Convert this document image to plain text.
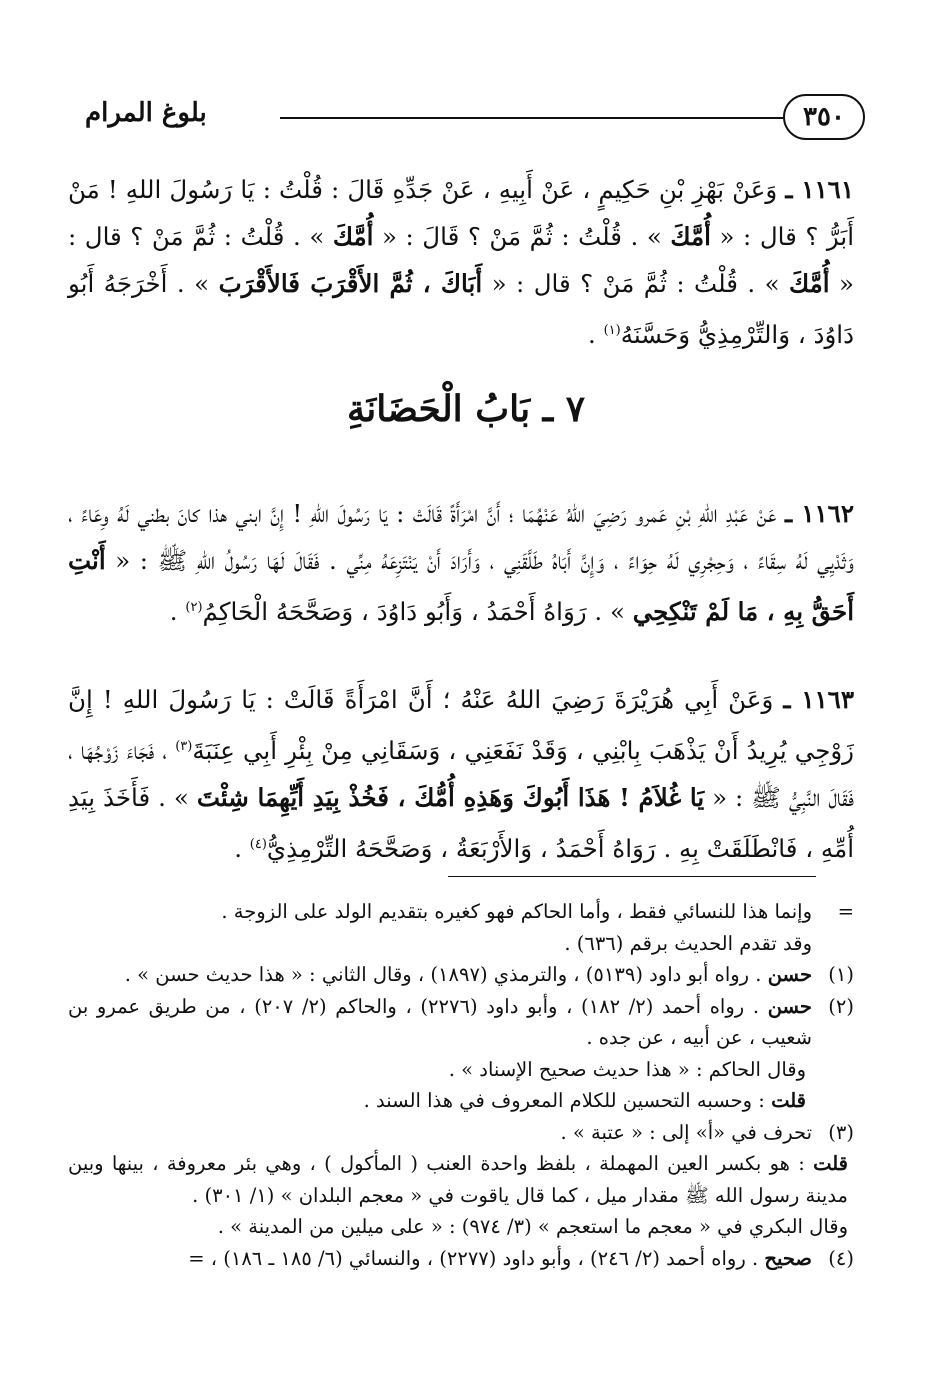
٣٥٠
بلوغ المرام

١١٦١ ـ وَعَنْ بَهْزِ بْنِ حَكِيمٍ ، عَنْ أَبِيهِ ، عَنْ جَدِّهِ قَالَ : قُلْتُ : يَا رَسُولَ اللهِ ! مَنْ أَبَرُّ ؟ قال : « أُمَّكَ » . قُلْتُ : ثُمَّ مَنْ ؟ قَالَ : « أُمَّكَ » . قُلْتُ : ثُمَّ مَنْ ؟ قال : « أُمَّكَ » . قُلْتُ : ثُمَّ مَنْ ؟ قال : « أَبَاكَ ، ثُمَّ الأَقْرَبَ فَالأَقْرَبَ » . أَخْرَجَهُ أَبُو دَاوُدَ ، وَالتِّرْمِذِيُّ وَحَسَّنَهُ$^{(١)}$ .

٧ ـ بَابُ الْحَضَانَةِ

١١٦٢ ـ عَنْ عَبْدِ اللهِ بْنِ عَمرو رَضِيَ اللهُ عَنْهُمَا ؛ أَنَّ امْرَأَةً قَالَتْ : يَا رَسُولَ اللهِ ! إِنَّ ابني هذا كانَ بطني لَهُ وِعَاءً ، وَثَدْيِي لَهُ سِقَاءً ، وَحِجْرِي لَهُ حِوَاءً ، وَإِنَّ أَبَاهُ طَلَّقَنِي ، وَأَرَادَ أَنْ يَنْتَزِعَهُ مِنِّي . فَقَالَ لَهَا رَسُولُ اللهِ ﷺ : « أَنْتِ أَحَقُّ بِهِ ، مَا لَمْ تَنْكِحِي » . رَوَاهُ أَحْمَدُ ، وَأَبُو دَاوُدَ ، وَصَحَّحَهُ الْحَاكِمُ$^{(٢)}$ .

١١٦٣ ـ وَعَنْ أَبِي هُرَيْرَةَ رَضِيَ اللهُ عَنْهُ ؛ أَنَّ امْرَأَةً قَالَتْ : يَا رَسُولَ اللهِ ! إِنَّ زَوْجِي يُرِيدُ أَنْ يَذْهَبَ بِابْنِي ، وَقَدْ نَفَعَنِي ، وَسَقَانِي مِنْ بِئْرِ أَبِي عِنَبَةَ$^{(٣)}$ ، فَجَاءَ زَوْجُهَا ، فَقَالَ النَّبِيُّ ﷺ : « يَا غُلاَمُ ! هَذَا أَبُوكَ وَهَذِهِ أُمُّكَ ، فَخُذْ بِيَدِ أَيِّهِمَا شِئْتَ » . فَأَخَذَ بِيَدِ أُمِّهِ ، فَانْطَلَقَتْ بِهِ . رَوَاهُ أَحْمَدُ ، وَالأَرْبَعَةُ ، وَصَحَّحَهُ التِّرْمِذِيُّ$^{(٤)}$ .

=
وإنما هذا للنسائي فقط ، وأما الحاكم فهو كغيره بتقديم الولد على الزوجة .
وقد تقدم الحديث برقم (٦٣٦) .
(١)
حسن . رواه أبو داود (٥١٣٩) ، والترمذي (١٨٩٧) ، وقال الثاني : « هذا حديث حسن » .
(٢)
حسن . رواه أحمد (٢/ ١٨٢) ، وأبو داود (٢٢٧٦) ، والحاكم (٢/ ٢٠٧) ، من طريق عمرو بن شعيب ، عن أبيه ، عن جده .
وقال الحاكم : « هذا حديث صحيح الإسناد » .
قلت : وحسبه التحسين للكلام المعروف في هذا السند .
(٣)
تحرف في «أ» إلى : « عتبة » .
قلت : هو بكسر العين المهملة ، بلفظ واحدة العنب ( المأكول ) ، وهي بئر معروفة ، بينها وبين مدينة رسول الله ﷺ مقدار ميل ، كما قال ياقوت في « معجم البلدان » (١/ ٣٠١) .
وقال البكري في « معجم ما استعجم » (٣/ ٩٧٤) : « على ميلين من المدينة » .
(٤)
صحيح . رواه أحمد (٢/ ٢٤٦) ، وأبو داود (٢٢٧٧) ، والنسائي (٦/ ١٨٥ ـ ١٨٦) ، =
